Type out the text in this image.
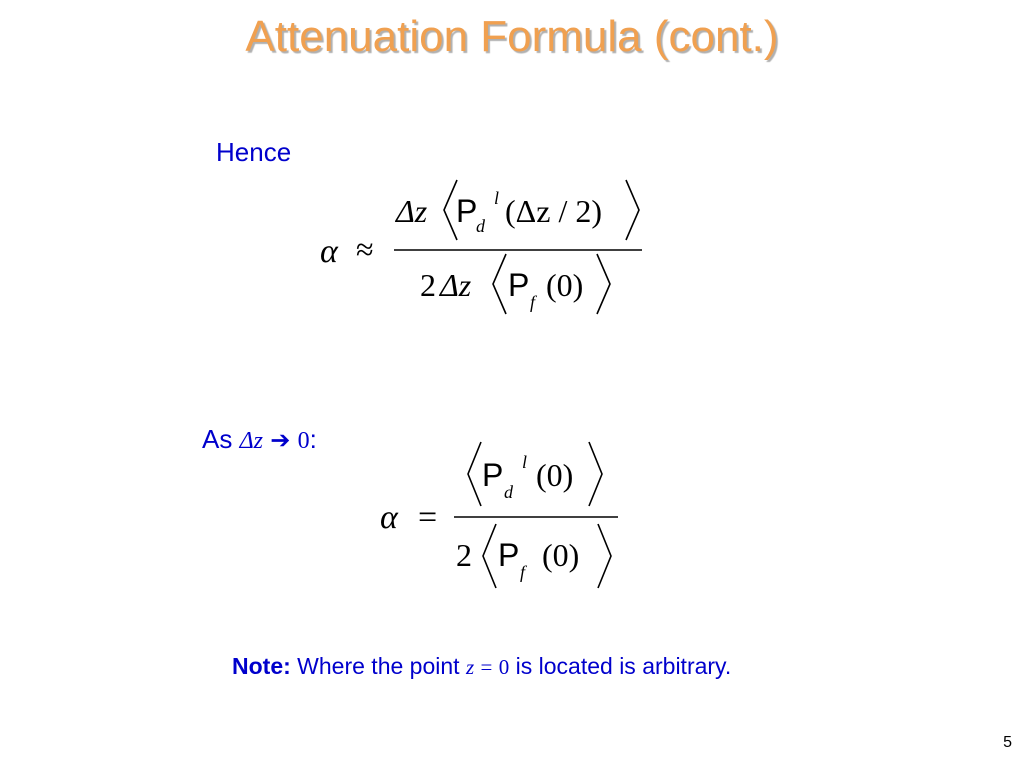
Attenuation Formula (cont.)
Hence
α ≈
Δz P
d
l (Δz / 2)
2 Δz P f (0)
As Δz ➔ 0:
α =
P d
l (0)
2 P f (0)
Note: Where the point z = 0 is located is arbitrary.
5
